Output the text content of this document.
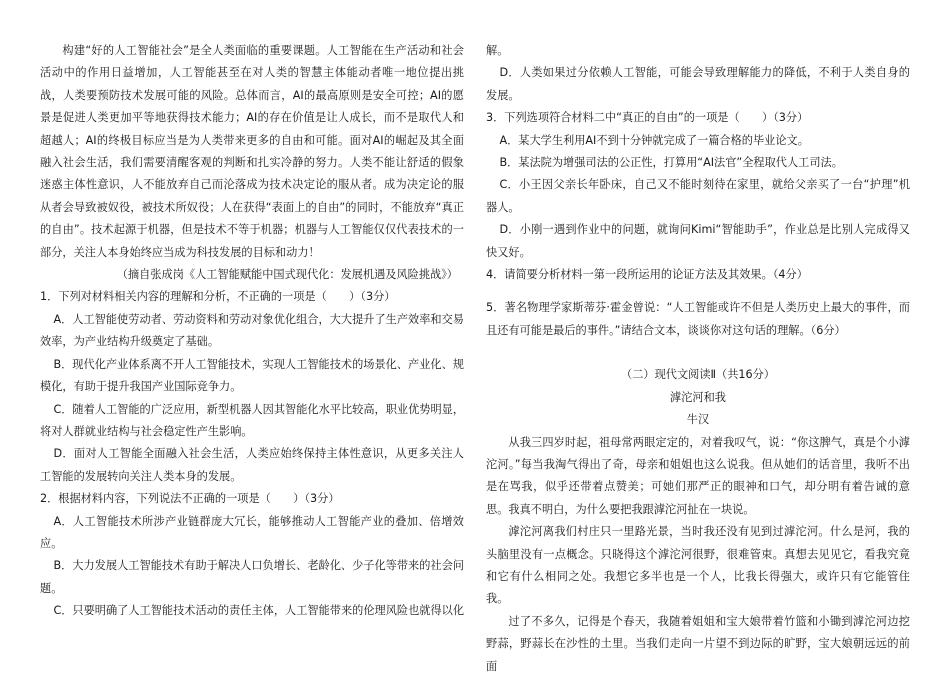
构建“好的人工智能社会”是全人类面临的重要课题。人工智能在生产活动和社会活动中的作用日益增加，人工智能甚至在对人类的智慧主体能动者唯一地位提出挑战，人类要预防技术发展可能的风险。总体而言，AI的最高原则是安全可控；AI的愿景是促进人类更加平等地获得技术能力；AI的存在价值是让人成长，而不是取代人和超越人；AI的终极目标应当是为人类带来更多的自由和可能。面对AI的崛起及其全面融入社会生活，我们需要清醒客观的判断和扎实冷静的努力。人类不能让舒适的假象迷惑主体性意识，人不能放弃自己而沦落成为技术决定论的服从者。成为决定论的服从者会导致被奴役，被技术所奴役；人在获得“表面上的自由”的同时，不能放弃“真正的自由”。技术起源于机器，但是技术不等于机器；机器与人工智能仅仅代表技术的一部分，关注人本身始终应当成为科技发展的目标和动力！

（摘自张成岗《人工智能赋能中国式现代化：发展机遇及风险挑战》）

1．下列对材料相关内容的理解和分析，不正确的一项是（　　）（3分）

A．人工智能使劳动者、劳动资料和劳动对象优化组合，大大提升了生产效率和交易效率，为产业结构升级奠定了基础。

B．现代化产业体系离不开人工智能技术，实现人工智能技术的场景化、产业化、规模化，有助于提升我国产业国际竞争力。

C．随着人工智能的广泛应用，新型机器人因其智能化水平比较高，职业优势明显，将对人群就业结构与社会稳定性产生影响。

D．面对人工智能全面融入社会生活，人类应始终保持主体性意识，从更多关注人工智能的发展转向关注人类本身的发展。

2．根据材料内容，下列说法不正确的一项是（　　）（3分）

A．人工智能技术所涉产业链群庞大冗长，能够推动人工智能产业的叠加、倍增效应。

B．大力发展人工智能技术有助于解决人口负增长、老龄化、少子化等带来的社会问题。

C．只要明确了人工智能技术活动的责任主体，人工智能带来的伦理风险也就得以化

解。

D．人类如果过分依赖人工智能，可能会导致理解能力的降低，不利于人类自身的发展。

3．下列选项符合材料二中“真正的自由”的一项是（　　）（3分）

A．某大学生利用AI不到十分钟就完成了一篇合格的毕业论文。

B．某法院为增强司法的公正性，打算用“AI法官”全程取代人工司法。

C．小王因父亲长年卧床，自己又不能时刻待在家里，就给父亲买了一台“护理”机器人。

D．小刚一遇到作业中的问题，就询问Kimi“智能助手”，作业总是比别人完成得又快又好。

4．请简要分析材料一第一段所运用的论证方法及其效果。（4分）

5．著名物理学家斯蒂芬·霍金曾说：“人工智能或许不但是人类历史上最大的事件，而且还有可能是最后的事件。”请结合文本，谈谈你对这句话的理解。（6分）

（二）现代文阅读Ⅱ（共16分）

滹沱河和我

牛汉

从我三四岁时起，祖母常两眼定定的，对着我叹气，说：“你这脾气，真是个小滹沱河。”每当我淘气得出了奇，母亲和姐姐也这么说我。但从她们的话音里，我听不出是在骂我，似乎还带着点赞美；可她们那严正的眼神和口气，却分明有着告诫的意思。我真不明白，为什么要把我跟滹沱河扯在一块说。

滹沱河离我们村庄只一里路光景，当时我还没有见到过滹沱河。什么是河，我的头脑里没有一点概念。只晓得这个滹沱河很野，很难管束。真想去见见它，看我究竟和它有什么相同之处。我想它多半也是一个人，比我长得强大，或许只有它能管住我。

过了不多久，记得是个春天，我随着姐姐和宝大娘带着竹篮和小锄到滹沱河边挖野蒜，野蒜长在沙性的土里。当我们走向一片望不到边际的旷野，宝大娘朝远远的前面
